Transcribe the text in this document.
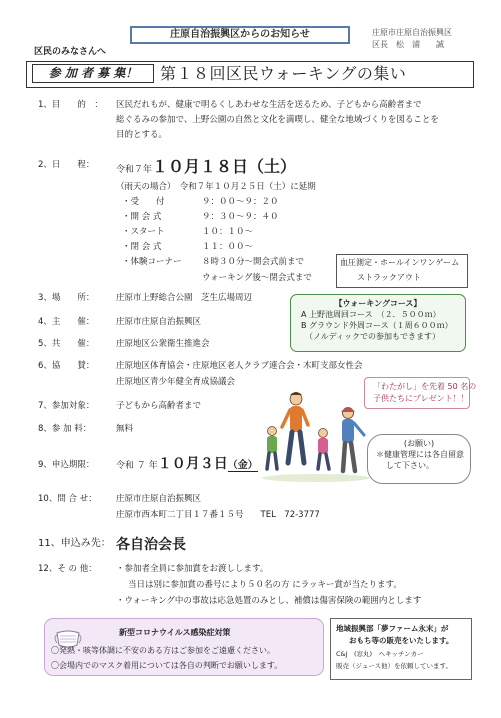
庄原自治振興区からのお知らせ	庄原市庄原自治振興区
区長　松　浦　　誠
区民のみなさんへ
参 加 者 募 集！	第１８回区民ウォーキングの集い
1、目　　的　： 区民だれもが、健康で明るくしあわせな生活を送るため、子どもから高齢者まで
総ぐるみの参加で、上野公園の自然と文化を満喫し、健全な地域づくりを図ることを
目的とする。
2、日　　程： 令和７年１０月１８日（土）
（雨天の場合）　令和７年１０月２５日（土）に延期
・受　　付	９：００～９：２０
・開 会 式	９：３０～９：４０
・スタート	１０：１０～
・閉 会 式	１１：００～
・体験コーナー ８時３０分～開会式前まで
ウォーキング後～閉会式まで
血圧測定・ホールインワンゲーム
ストラックアウト
3、場　　所：	庄原市上野総合公園　芝生広場周辺
4、主　　催：	庄原市庄原自治振興区
5、共　　催：	庄原地区公衆衛生推進会
6、協　　賛：	庄原地区体育協会・庄原地区老人クラブ連合会・木町支部女性会
庄原地区青少年健全育成協議会
7、参加対象：	子どもから高齢者まで
8、参 加 料：	無料
9、申込期限： 令和 ７ 年１０月３日（金）
10、問 合 せ： 庄原市庄原自治振興区
庄原市西本町二丁目１７番１５号　　TEL　72-3777
11、申込み先： 各自治会長
12、そ の 他： ・参加者全員に参加賞をお渡しします。
当日は別に参加賞の番号により５０名の方 にラッキー賞が当たります。
・ウォーキング中の事故は応急処置のみとし、補償は傷害保険の範囲内とします
【ウォーキングコース】
A 上野池周回コース　（２．５００ｍ）
B グラウンド外周コース（１周６００ｍ）
（ノルディックでの参加もできます）
「わたがし」を先着 50 名の
子供たちにプレゼント！！
(お願い)
＊健康管理には各自留意
して下さい。
新型コロナウイルス感染症対策
〇発熱・咳等体調に不安のある方はご参加をご遠慮ください。
〇会場内でのマスク着用については各自の判断でお願いします。
地域振興部「夢ファーム永末」が
おもち等の販売をいたします。
C&J　(窓丸)　へキッチンカー
販売（ジュース他）を依頼しています。
